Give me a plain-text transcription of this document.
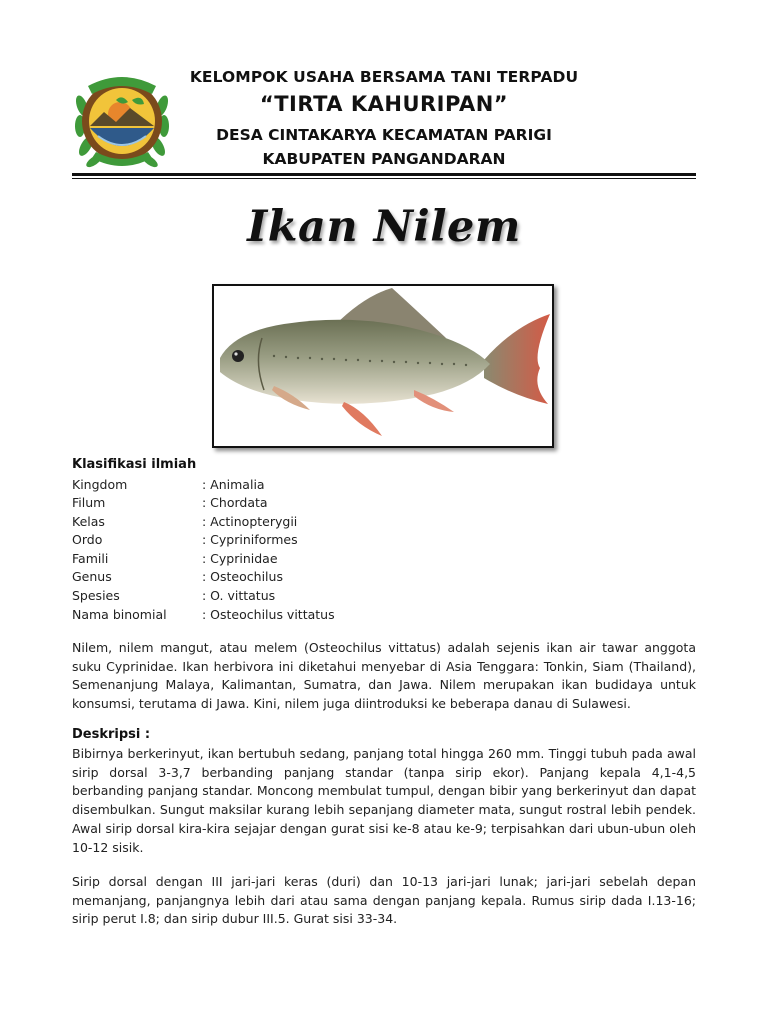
KELOMPOK USAHA BERSAMA TANI TERPADU
“TIRTA KAHURIPAN”
DESA CINTAKARYA KECAMATAN PARIGI
KABUPATEN PANGANDARAN
Ikan Nilem
Klasifikasi ilmiah
Kingdom	: Animalia
Filum	: Chordata
Kelas	: Actinopterygii
Ordo	: Cypriniformes
Famili	: Cyprinidae
Genus	: Osteochilus
Spesies	: O. vittatus
Nama binomial	: Osteochilus vittatus
Nilem, nilem mangut, atau melem (Osteochilus vittatus) adalah sejenis ikan air tawar anggota suku Cyprinidae. Ikan herbivora ini diketahui menyebar di Asia Tenggara: Tonkin, Siam (Thailand), Semenanjung Malaya, Kalimantan, Sumatra, dan Jawa. Nilem merupakan ikan budidaya untuk konsumsi, terutama di Jawa. Kini, nilem juga diintroduksi ke beberapa danau di Sulawesi.
Deskripsi :
Bibirnya berkerinyut, ikan bertubuh sedang, panjang total hingga 260 mm. Tinggi tubuh pada awal sirip dorsal 3-3,7 berbanding panjang standar (tanpa sirip ekor). Panjang kepala 4,1-4,5 berbanding panjang standar. Moncong membulat tumpul, dengan bibir yang berkerinyut dan dapat disembulkan. Sungut maksilar kurang lebih sepanjang diameter mata, sungut rostral lebih pendek. Awal sirip dorsal kira-kira sejajar dengan gurat sisi ke-8 atau ke-9; terpisahkan dari ubun-ubun oleh 10-12 sisik.
Sirip dorsal dengan III jari-jari keras (duri) dan 10-13 jari-jari lunak; jari-jari sebelah depan memanjang, panjangnya lebih dari atau sama dengan panjang kepala. Rumus sirip dada I.13-16; sirip perut I.8; dan sirip dubur III.5. Gurat sisi 33-34.
